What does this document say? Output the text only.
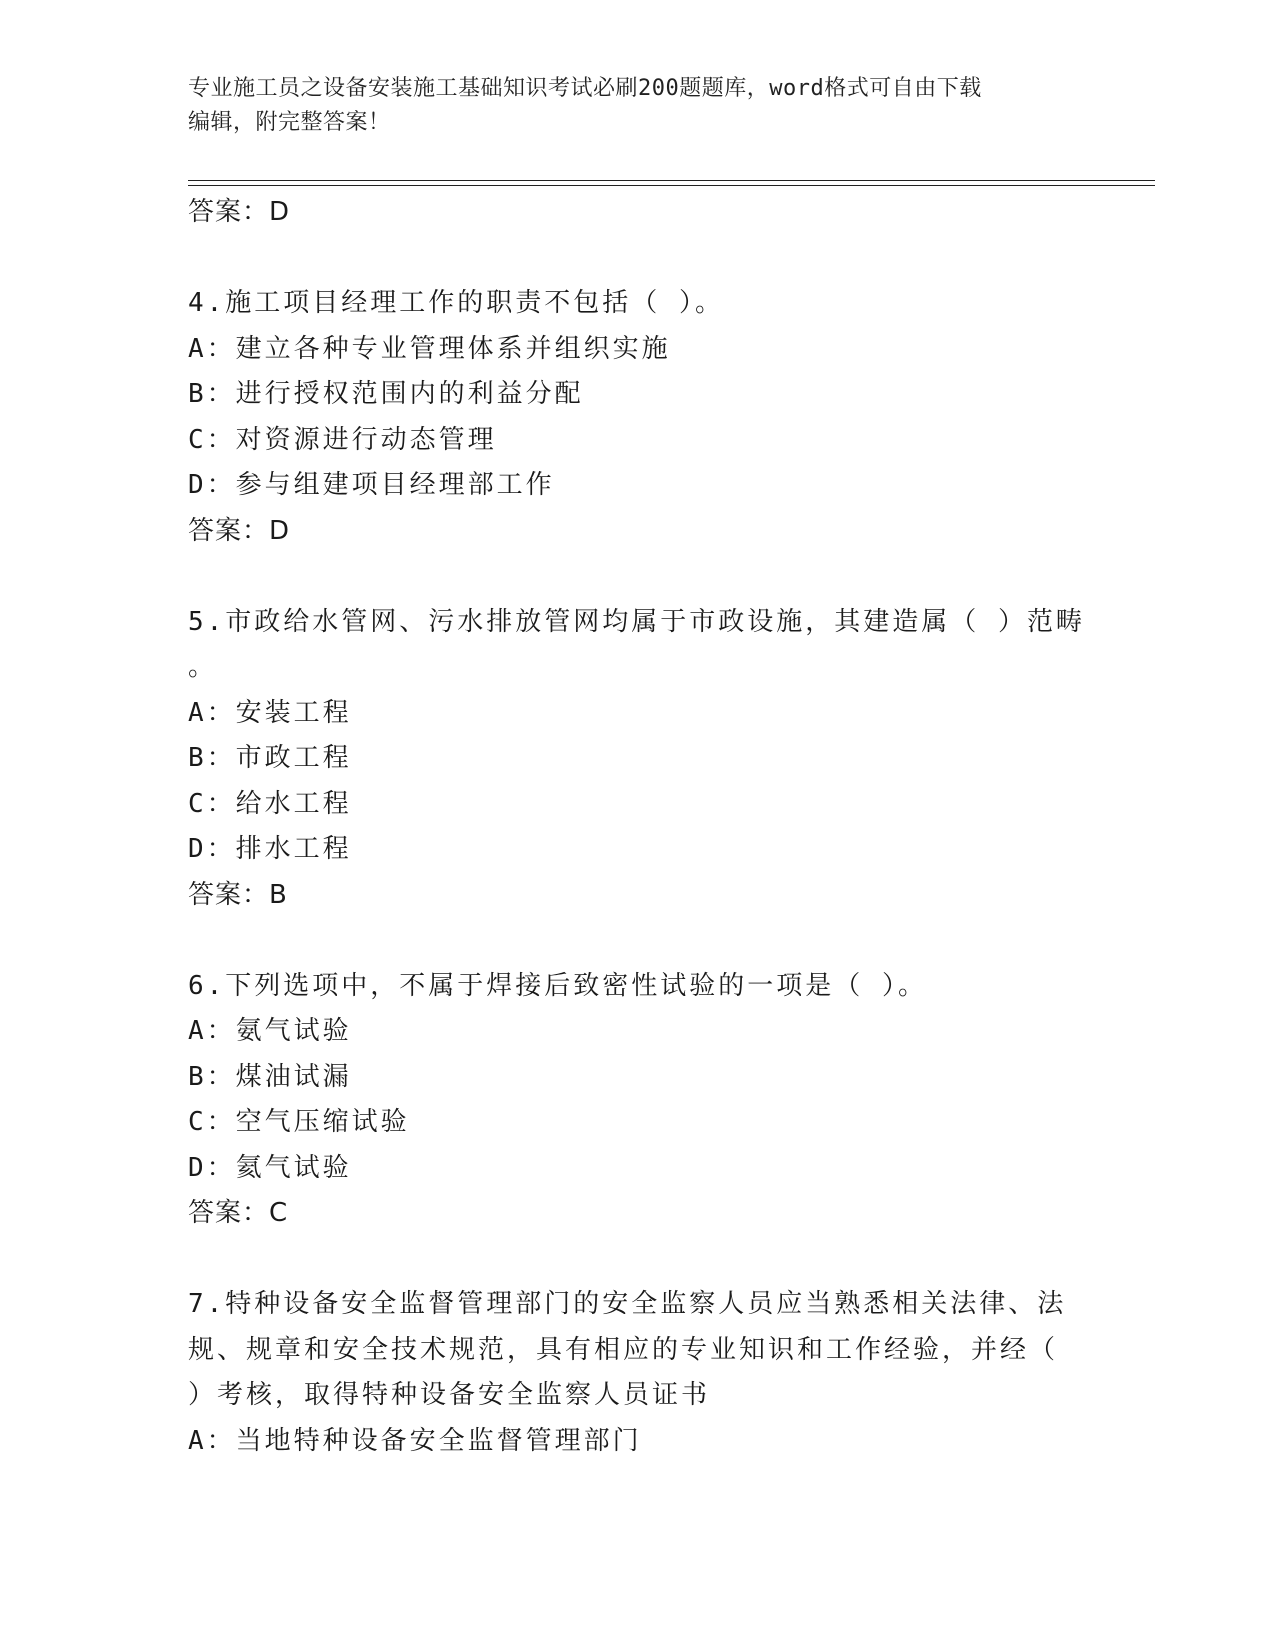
专业施工员之设备安装施工基础知识考试必刷200题题库，word格式可自由下载
编辑，附完整答案！
答案：D
4.施工项目经理工作的职责不包括（ ）。
A：建立各种专业管理体系并组织实施
B：进行授权范围内的利益分配
C：对资源进行动态管理
D：参与组建项目经理部工作
答案：D
5.市政给水管网、污水排放管网均属于市政设施，其建造属（ ）范畴
。
A：安装工程
B：市政工程
C：给水工程
D：排水工程
答案：B
6.下列选项中，不属于焊接后致密性试验的一项是（ ）。
A：氨气试验
B：煤油试漏
C：空气压缩试验
D：氦气试验
答案：C
7.特种设备安全监督管理部门的安全监察人员应当熟悉相关法律、法
规、规章和安全技术规范，具有相应的专业知识和工作经验，并经（
）考核，取得特种设备安全监察人员证书
A：当地特种设备安全监督管理部门
